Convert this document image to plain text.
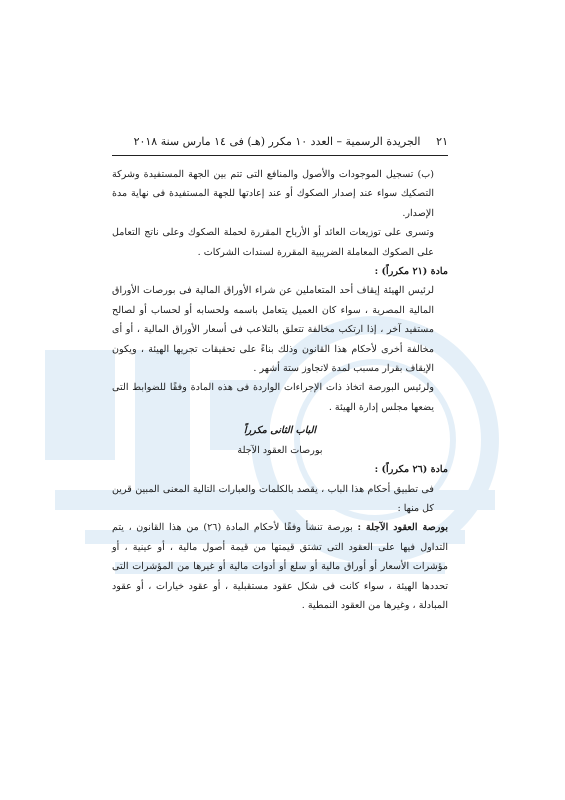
٢١ الجريدة الرسمية – العدد ١٠ مكرر (هـ) فى ١٤ مارس سنة ٢٠١٨

(ب) تسجيل الموجودات والأصول والمنافع التى تتم بين الجهة المستفيدة وشركة التصكيك سواء عند إصدار الصكوك أو عند إعادتها للجهة المستفيدة فى نهاية مدة الإصدار.

وتسرى على توزيعات العائد أو الأرباح المقررة لحملة الصكوك وعلى ناتج التعامل على الصكوك المعاملة الضريبية المقررة لسندات الشركات .

مادة (٢١ مكرراً) :

لرئيس الهيئة إيقاف أحد المتعاملين عن شراء الأوراق المالية فى بورصات الأوراق المالية المصرية ، سواء كان العميل يتعامل باسمه ولحسابه أو لحساب أو لصالح مستفيد آخر ، إذا ارتكب مخالفة تتعلق بالتلاعب فى أسعار الأوراق المالية ، أو أى مخالفة أخرى لأحكام هذا القانون وذلك بناءً على تحقيقات تجريها الهيئة ، ويكون الإيقاف بقرار مسبب لمدة لاتجاوز ستة أشهر .

ولرئيس البورصة اتخاذ ذات الإجراءات الواردة فى هذه المادة وفقًا للضوابط التى يضعها مجلس إدارة الهيئة .

الباب الثانى مكرراً

بورصات العقود الآجلة

مادة (٢٦ مكرراً) :

فى تطبيق أحكام هذا الباب ، يقصد بالكلمات والعبارات التالية المعنى المبين قرين كل منها :

بورصة العقود الآجلة : بورصة تنشأ وفقًا لأحكام المادة (٢٦) من هذا القانون ، يتم التداول فيها على العقود التى تشتق قيمتها من قيمة أصول مالية ، أو عينية ، أو مؤشرات الأسعار أو أوراق مالية أو سلع أو أدوات مالية أو غيرها من المؤشرات التى تحددها الهيئة ، سواء كانت فى شكل عقود مستقبلية ، أو عقود خيارات ، أو عقود المبادلة ، وغيرها من العقود النمطية .
